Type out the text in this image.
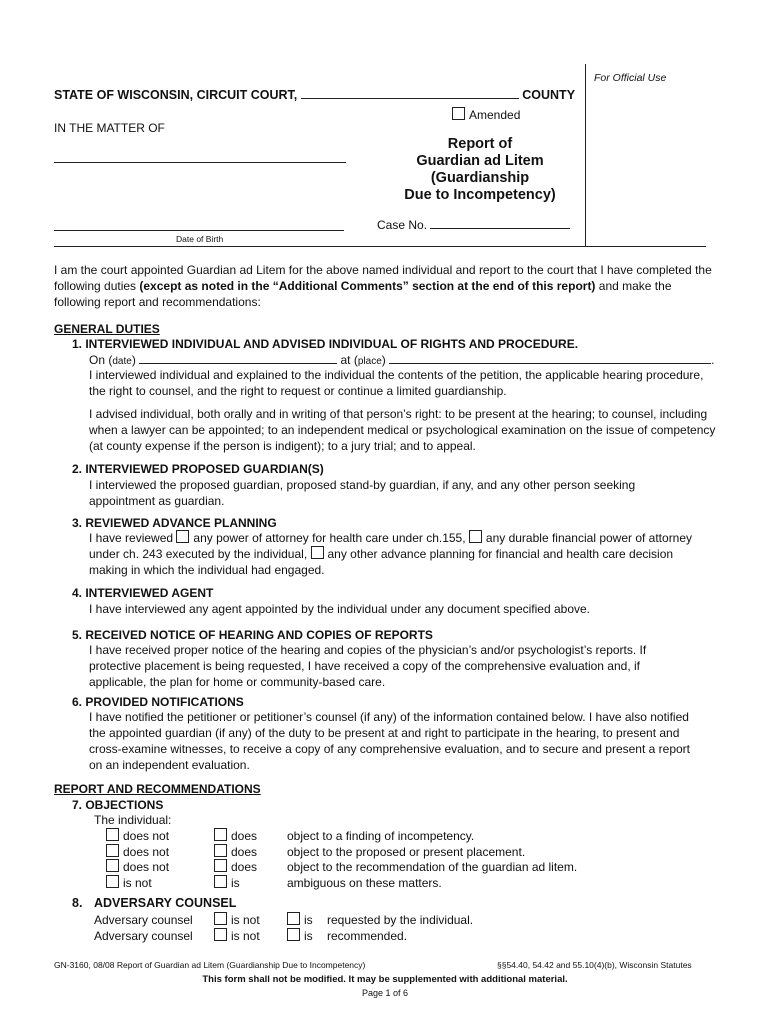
For Official Use
STATE OF WISCONSIN, CIRCUIT COURT,	COUNTY
Amended
IN THE MATTER OF
Report of
Guardian ad Litem
(Guardianship
Due to Incompetency)
Case No.
Date of Birth

I am the court appointed Guardian ad Litem for the above named individual and report to the court that I have completed the following duties (except as noted in the “Additional Comments” section at the end of this report) and make the following report and recommendations:

GENERAL DUTIES
1. INTERVIEWED INDIVIDUAL AND ADVISED INDIVIDUAL OF RIGHTS AND PROCEDURE.
On (date)	at (place)	.

I interviewed individual and explained to the individual the contents of the petition, the applicable hearing procedure, the right to counsel, and the right to request or continue a limited guardianship.

I advised individual, both orally and in writing of that person’s right: to be present at the hearing; to counsel, including when a lawyer can be appointed; to an independent medical or psychological examination on the issue of competency (at county expense if the person is indigent); to a jury trial; and to appeal.

2. INTERVIEWED PROPOSED GUARDIAN(S)

I interviewed the proposed guardian, proposed stand-by guardian, if any, and any other person seeking appointment as guardian.

3. REVIEWED ADVANCE PLANNING
I have reviewed any power of attorney for health care under ch.155, any durable financial power of attorney under ch. 243 executed by the individual, any other advance planning for financial and health care decision making in which the individual had engaged.
4. INTERVIEWED AGENT

I have interviewed any agent appointed by the individual under any document specified above.

5. RECEIVED NOTICE OF HEARING AND COPIES OF REPORTS

I have received proper notice of the hearing and copies of the physician’s and/or psychologist’s reports. If protective placement is being requested, I have received a copy of the comprehensive evaluation and, if applicable, the plan for home or community-based care.

6. PROVIDED NOTIFICATIONS

I have notified the petitioner or petitioner’s counsel (if any) of the information contained below. I have also notified the appointed guardian (if any) of the duty to be present at and right to participate in the hearing, to present and cross-examine witnesses, to receive a copy of any comprehensive evaluation, and to secure and present a report on an independent evaluation.

REPORT AND RECOMMENDATIONS
7. OBJECTIONS
The individual:
does not	does object to a finding of incompetency.
does not	does object to the proposed or present placement.
does not	does object to the recommendation of the guardian ad litem.
is not	is	ambiguous on these matters.
8. ADVERSARY COUNSEL
Adversary counsel	is not	is requested by the individual.
Adversary counsel	is not	is recommended.
GN-3160, 08/08 Report of Guardian ad Litem (Guardianship Due to Incompetency)	§§54.40, 54.42 and 55.10(4)(b), Wisconsin Statutes
This form shall not be modified. It may be supplemented with additional material.
Page 1 of 6
